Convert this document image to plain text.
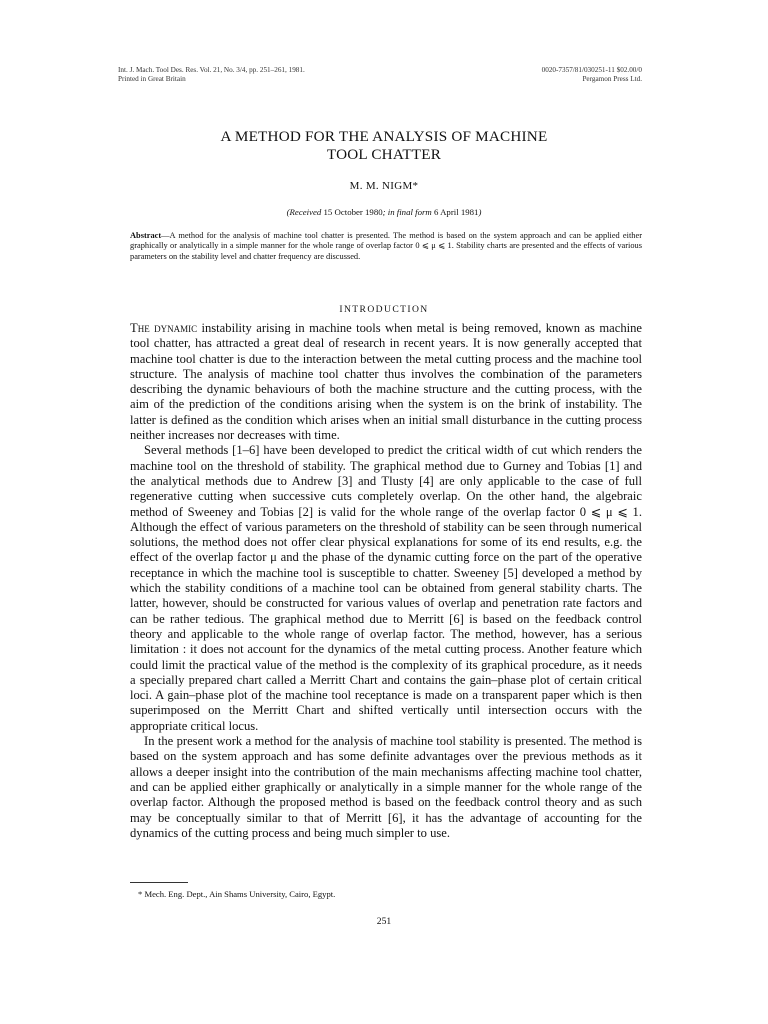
Int. J. Mach. Tool Des. Res. Vol. 21, No. 3/4, pp. 251–261, 1981.
Printed in Great Britain
0020-7357/81/030251-11 $02.00/0
Pergamon Press Ltd.
A METHOD FOR THE ANALYSIS OF MACHINE
TOOL CHATTER
M. M. NIGM*
(Received 15 October 1980; in final form 6 April 1981)
Abstract—A method for the analysis of machine tool chatter is presented. The method is based on the system approach and can be applied either graphically or analytically in a simple manner for the whole range of overlap factor 0 ⩽ μ ⩽ 1. Stability charts are presented and the effects of various parameters on the stability level and chatter frequency are discussed.
INTRODUCTION

The dynamic instability arising in machine tools when metal is being removed, known as machine tool chatter, has attracted a great deal of research in recent years. It is now generally accepted that machine tool chatter is due to the interaction between the metal cutting process and the machine tool structure. The analysis of machine tool chatter thus involves the combination of the parameters describing the dynamic behaviours of both the machine structure and the cutting process, with the aim of the prediction of the conditions arising when the system is on the brink of instability. The latter is defined as the condition which arises when an initial small disturbance in the cutting process neither increases nor decreases with time.

Several methods [1–6] have been developed to predict the critical width of cut which renders the machine tool on the threshold of stability. The graphical method due to Gurney and Tobias [1] and the analytical methods due to Andrew [3] and Tlusty [4] are only applicable to the case of full regenerative cutting when successive cuts completely overlap. On the other hand, the algebraic method of Sweeney and Tobias [2] is valid for the whole range of the overlap factor 0 ⩽ μ ⩽ 1. Although the effect of various parameters on the threshold of stability can be seen through numerical solutions, the method does not offer clear physical explanations for some of its end results, e.g. the effect of the overlap factor μ and the phase of the dynamic cutting force on the part of the operative receptance in which the machine tool is susceptible to chatter. Sweeney [5] developed a method by which the stability conditions of a machine tool can be obtained from general stability charts. The latter, however, should be constructed for various values of overlap and penetration rate factors and can be rather tedious. The graphical method due to Merritt [6] is based on the feedback control theory and applicable to the whole range of overlap factor. The method, however, has a serious limitation : it does not account for the dynamics of the metal cutting process. Another feature which could limit the practical value of the method is the complexity of its graphical procedure, as it needs a specially prepared chart called a Merritt Chart and contains the gain–phase plot of certain critical loci. A gain–phase plot of the machine tool receptance is made on a transparent paper which is then superimposed on the Merritt Chart and shifted vertically until intersection occurs with the appropriate critical locus.

In the present work a method for the analysis of machine tool stability is presented. The method is based on the system approach and has some definite advantages over the previous methods as it allows a deeper insight into the contribution of the main mechanisms affecting machine tool chatter, and can be applied either graphically or analytically in a simple manner for the whole range of the overlap factor. Although the proposed method is based on the feedback control theory and as such may be conceptually similar to that of Merritt [6], it has the advantage of accounting for the dynamics of the cutting process and being much simpler to use.

* Mech. Eng. Dept., Ain Shams University, Cairo, Egypt.
251
